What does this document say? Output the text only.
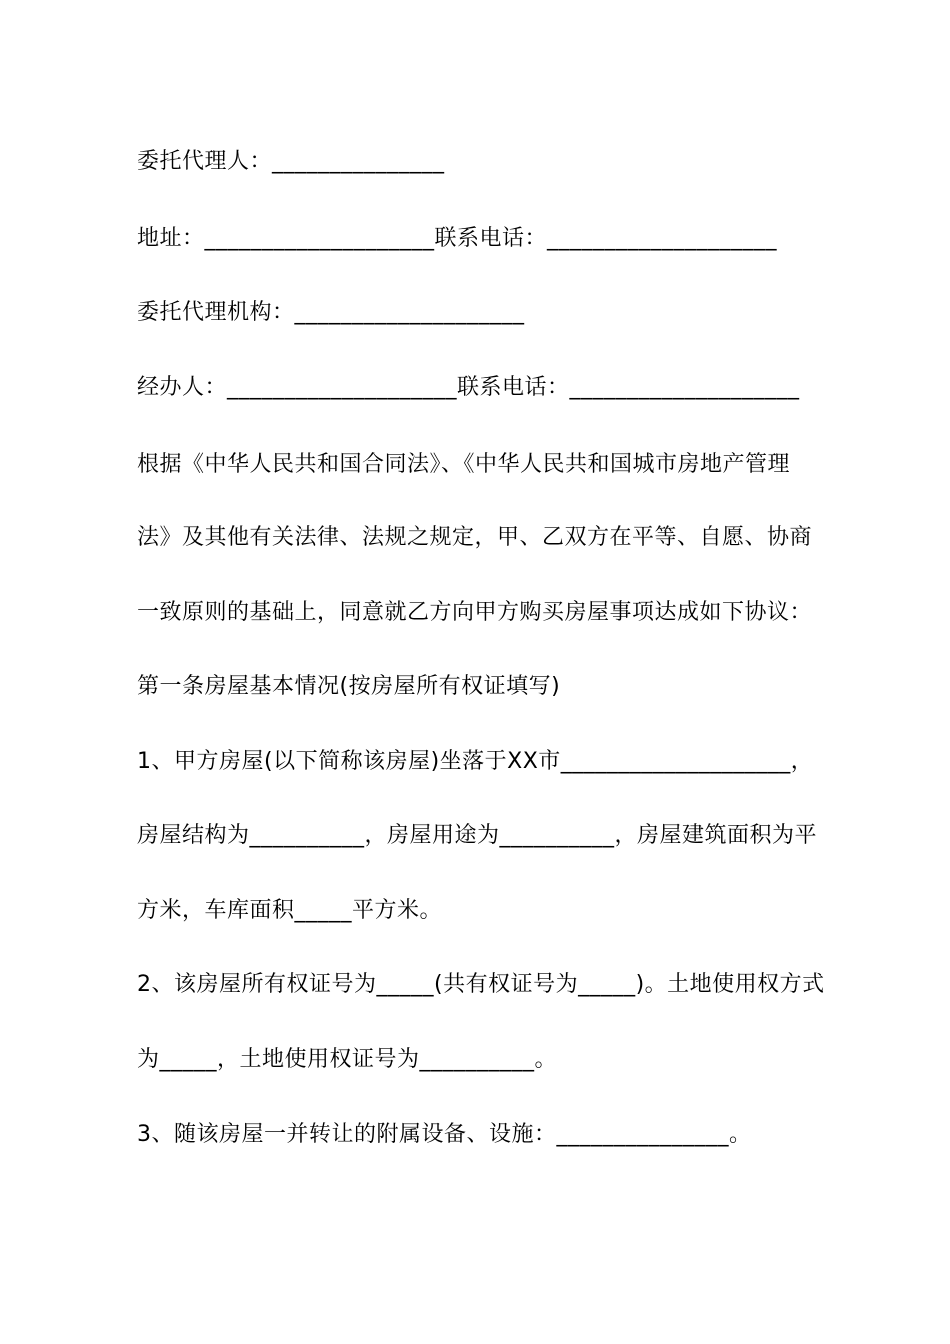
委托代理人：_______________
地址：____________________联系电话：____________________
委托代理机构：____________________
经办人：____________________联系电话：____________________
根据《中华人民共和国合同法》、《中华人民共和国城市房地产管理
法》及其他有关法律、法规之规定，甲、乙双方在平等、自愿、协商
一致原则的基础上，同意就乙方向甲方购买房屋事项达成如下协议：
第一条房屋基本情况(按房屋所有权证填写)
1、甲方房屋(以下简称该房屋)坐落于XX市____________________，
房屋结构为__________，房屋用途为__________，房屋建筑面积为平
方米，车库面积_____平方米。
2、该房屋所有权证号为_____(共有权证号为_____)。土地使用权方式
为_____，土地使用权证号为__________。
3、随该房屋一并转让的附属设备、设施：_______________。
